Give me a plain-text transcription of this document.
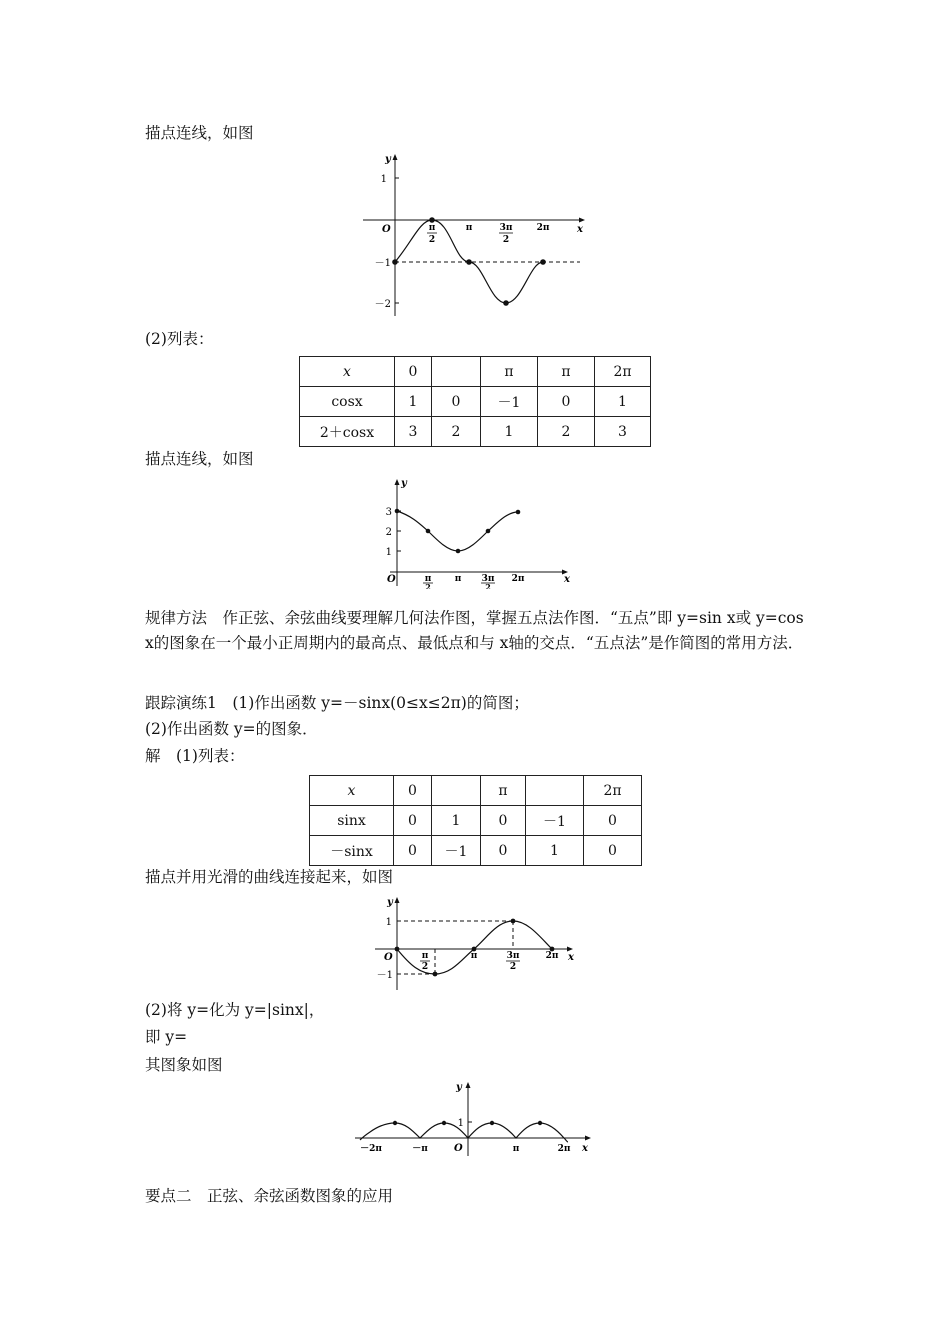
描点连线，如图
y
x
O
1
－1
－2
π
2
π	3π
2
2π
(2)列表：
x	0		π	π	2π
cosx	1	0	－1	0	1
2＋cosx	3	2	1	2	3
描点连线，如图
y
x
O
3
2
1
π
2
π 3π
2
2π
规律方法　作正弦、余弦曲线要理解几何法作图，掌握五点法作图．“五点”即 y=sin x或 y=cos x的图象在一个最小正周期内的最高点、最低点和与 x轴的交点．“五点法”是作简图的常用方法．
跟踪演练1　(1)作出函数 y=－sinx(0≤x≤2π)的简图；
(2)作出函数 y=的图象．
解　(1)列表：
x	0		π		2π
sinx	0	1	0	－1	0
－sinx	0	－1	0	1	0
描点并用光滑的曲线连接起来，如图
y
x
O
1
－1
π
2
π	3π
2
2π
(2)将 y=化为 y=|sinx|，
即 y=
其图象如图
y
x
O
1
－2π	－π	π	2π
要点二　正弦、余弦函数图象的应用
